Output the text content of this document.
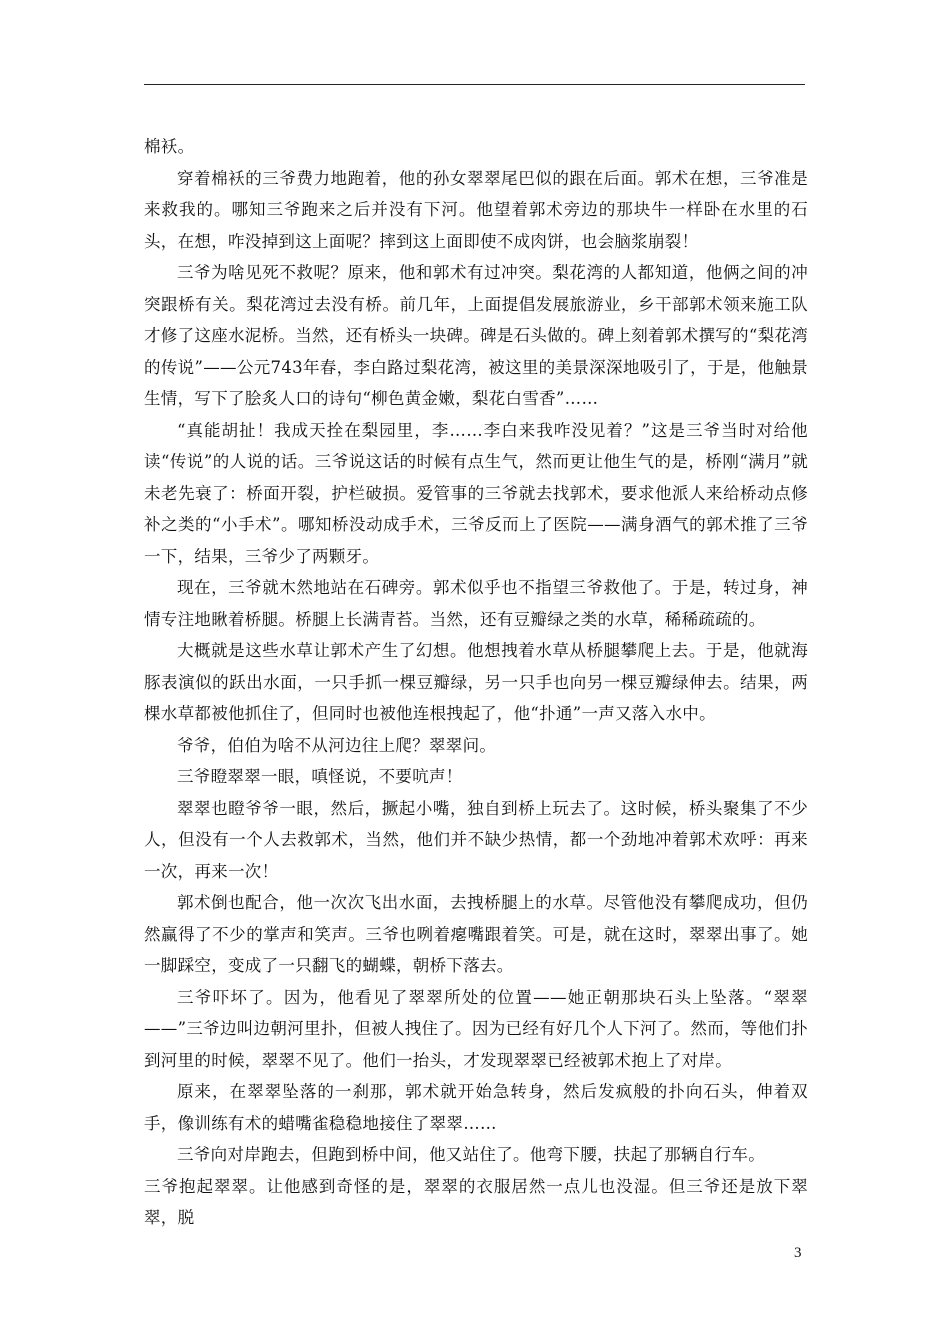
棉袄。

穿着棉袄的三爷费力地跑着，他的孙女翠翠尾巴似的跟在后面。郭术在想，三爷准是来救我的。哪知三爷跑来之后并没有下河。他望着郭术旁边的那块牛一样卧在水里的石头，在想，咋没掉到这上面呢？摔到这上面即使不成肉饼，也会脑浆崩裂！

三爷为啥见死不救呢？原来，他和郭术有过冲突。梨花湾的人都知道，他俩之间的冲突跟桥有关。梨花湾过去没有桥。前几年，上面提倡发展旅游业，乡干部郭术领来施工队才修了这座水泥桥。当然，还有桥头一块碑。碑是石头做的。碑上刻着郭术撰写的“梨花湾的传说”——公元743年春，李白路过梨花湾，被这里的美景深深地吸引了，于是，他触景生情，写下了脍炙人口的诗句“柳色黄金嫩，梨花白雪香”……

“真能胡扯！我成天拴在梨园里，李……李白来我咋没见着？”这是三爷当时对给他读“传说”的人说的话。三爷说这话的时候有点生气，然而更让他生气的是，桥刚“满月”就未老先衰了：桥面开裂，护栏破损。爱管事的三爷就去找郭术，要求他派人来给桥动点修补之类的“小手术”。哪知桥没动成手术，三爷反而上了医院——满身酒气的郭术推了三爷一下，结果，三爷少了两颗牙。

现在，三爷就木然地站在石碑旁。郭术似乎也不指望三爷救他了。于是，转过身，神情专注地瞅着桥腿。桥腿上长满青苔。当然，还有豆瓣绿之类的水草，稀稀疏疏的。

大概就是这些水草让郭术产生了幻想。他想拽着水草从桥腿攀爬上去。于是，他就海豚表演似的跃出水面，一只手抓一棵豆瓣绿，另一只手也向另一棵豆瓣绿伸去。结果，两棵水草都被他抓住了，但同时也被他连根拽起了，他“扑通”一声又落入水中。

爷爷，伯伯为啥不从河边往上爬？翠翠问。

三爷瞪翠翠一眼，嗔怪说，不要吭声！

翠翠也瞪爷爷一眼，然后，撅起小嘴，独自到桥上玩去了。这时候，桥头聚集了不少人，但没有一个人去救郭术，当然，他们并不缺少热情，都一个劲地冲着郭术欢呼：再来一次，再来一次！

郭术倒也配合，他一次次飞出水面，去拽桥腿上的水草。尽管他没有攀爬成功，但仍然赢得了不少的掌声和笑声。三爷也咧着瘪嘴跟着笑。可是，就在这时，翠翠出事了。她一脚踩空，变成了一只翻飞的蝴蝶，朝桥下落去。

三爷吓坏了。因为，他看见了翠翠所处的位置——她正朝那块石头上坠落。“翠翠——”三爷边叫边朝河里扑，但被人拽住了。因为已经有好几个人下河了。然而，等他们扑到河里的时候，翠翠不见了。他们一抬头，才发现翠翠已经被郭术抱上了对岸。

原来，在翠翠坠落的一刹那，郭术就开始急转身，然后发疯般的扑向石头，伸着双手，像训练有术的蜡嘴雀稳稳地接住了翠翠……

三爷向对岸跑去，但跑到桥中间，他又站住了。他弯下腰，扶起了那辆自行车。

三爷抱起翠翠。让他感到奇怪的是，翠翠的衣服居然一点儿也没湿。但三爷还是放下翠翠，脱

3
